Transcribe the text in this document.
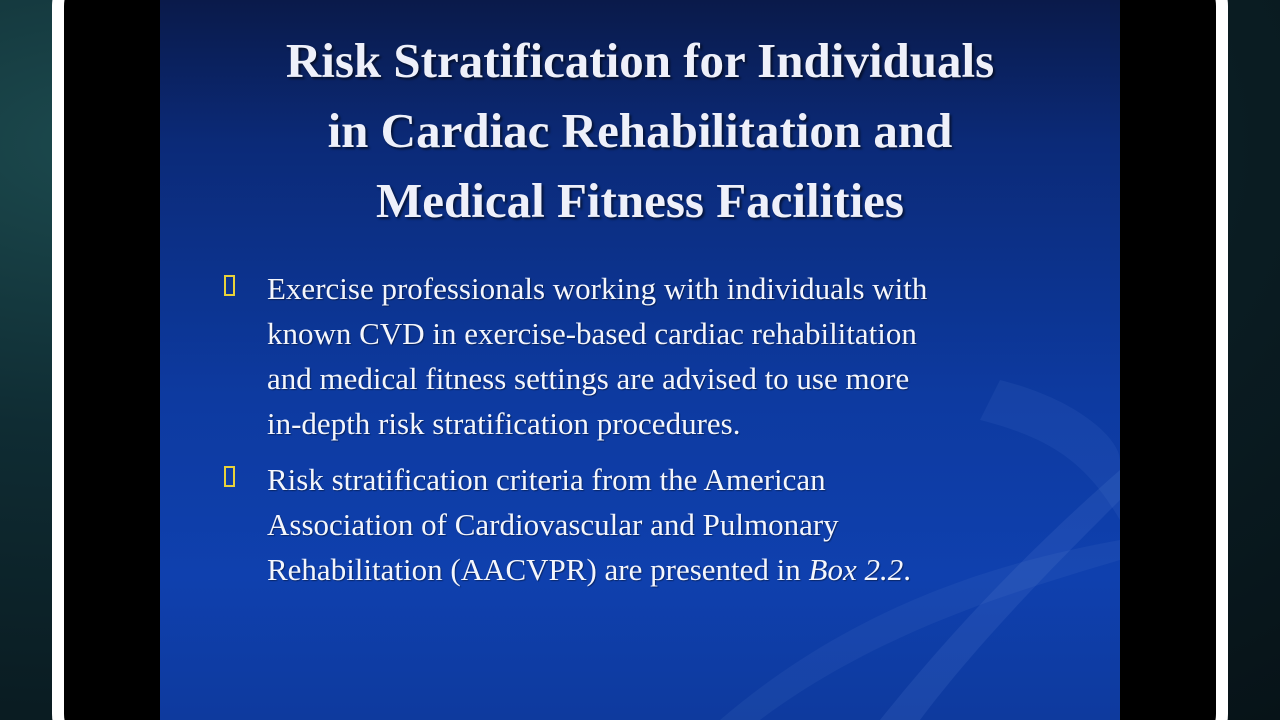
Risk Stratification for Individuals
in Cardiac Rehabilitation and
Medical Fitness Facilities
Exercise professionals working with individuals with
known CVD in exercise-based cardiac rehabilitation
and medical fitness settings are advised to use more
in-depth risk stratification procedures.
Risk stratification criteria from the American
Association of Cardiovascular and Pulmonary
Rehabilitation (AACVPR) are presented in Box 2.2.
